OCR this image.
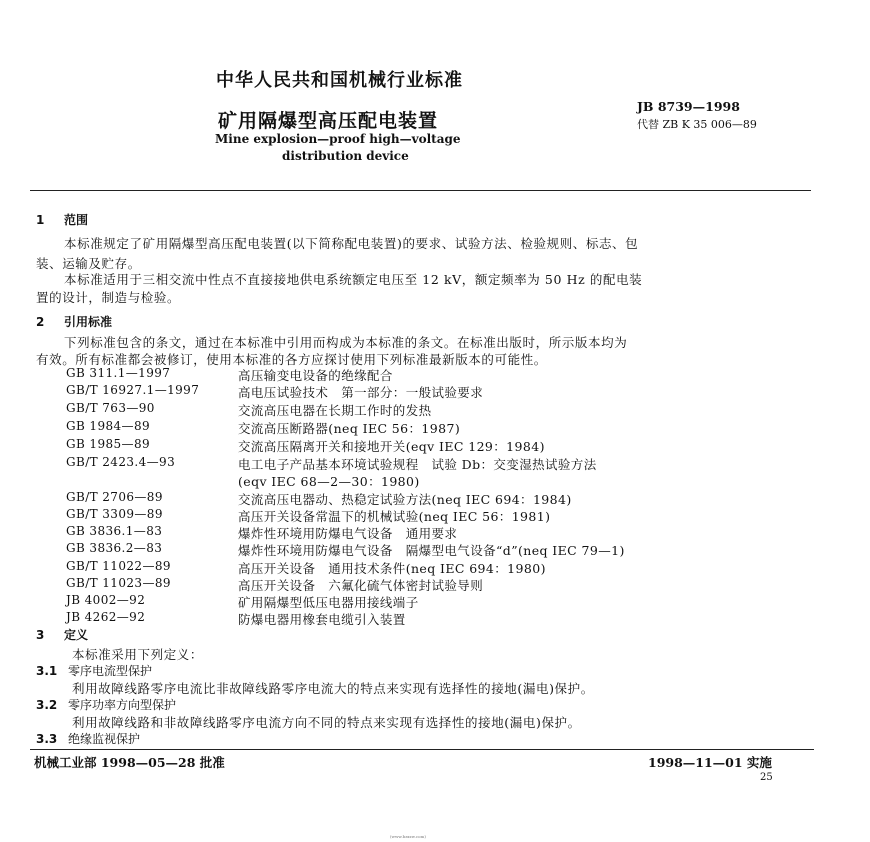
中华人民共和国机械行业标准
矿用隔爆型高压配电装置
Mine explosion—proof high—voltage
distribution device
JB 8739—1998
代替 ZB K 35 006—89
1 范围
本标准规定了矿用隔爆型高压配电装置(以下简称配电装置)的要求、试验方法、检验规则、标志、包
装、运输及贮存。
本标准适用于三相交流中性点不直接接地供电系统额定电压至 12 kV，额定频率为 50 Hz 的配电装
置的设计，制造与检验。
2 引用标准
下列标准包含的条文，通过在本标准中引用而构成为本标准的条文。在标准出版时，所示版本均为
有效。所有标准都会被修订，使用本标准的各方应探讨使用下列标准最新版本的可能性。
GB 311.1—1997	高压输变电设备的绝缘配合
GB/T 16927.1—1997	高电压试验技术　第一部分：一般试验要求
GB/T 763—90	交流高压电器在长期工作时的发热
GB 1984—89	交流高压断路器(neq IEC 56：1987)
GB 1985—89	交流高压隔离开关和接地开关(eqv IEC 129：1984)
GB/T 2423.4—93	电工电子产品基本环境试验规程　试验 Db：交变湿热试验方法
(eqv IEC 68—2—30：1980)
GB/T 2706—89	交流高压电器动、热稳定试验方法(neq IEC 694：1984)
GB/T 3309—89	高压开关设备常温下的机械试验(neq IEC 56：1981)
GB 3836.1—83	爆炸性环境用防爆电气设备　通用要求
GB 3836.2—83	爆炸性环境用防爆电气设备　隔爆型电气设备“d”(neq IEC 79—1)
GB/T 11022—89	高压开关设备　通用技术条件(neq IEC 694：1980)
GB/T 11023—89	高压开关设备　六氟化硫气体密封试验导则
JB 4002—92	矿用隔爆型低压电器用接线端子
JB 4262—92	防爆电器用橡套电缆引入装置
3 定义
本标准采用下列定义：
3.1 零序电流型保护
利用故障线路零序电流比非故障线路零序电流大的特点来实现有选择性的接地(漏电)保护。
3.2 零序功率方向型保护
利用故障线路和非故障线路零序电流方向不同的特点来实现有选择性的接地(漏电)保护。
3.3 绝缘监视保护
机械工业部 1998—05—28 批准	1998—11—01 实施
25
(www.bzxzw.com)
